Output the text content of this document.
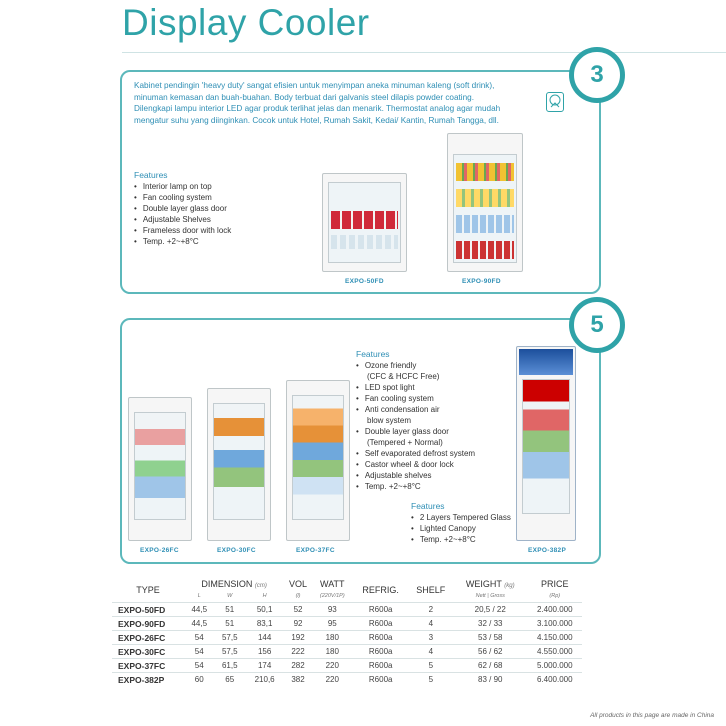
Display Cooler
3
Kabinet pendingin 'heavy duty' sangat efisien untuk menyimpan aneka minuman kaleng (soft drink), minuman kemasan dan buah-buahan. Body terbuat dari galvanis steel dilapis powder coating. Dilengkapi lampu interior LED agar produk terlihat jelas dan menarik. Thermostat analog agar mudah mengatur suhu yang diinginkan. Cocok untuk Hotel, Rumah Sakit, Kedai/ Kantin, Rumah Tangga, dll.
Features
• Interior lamp on top
• Fan cooling system
• Double layer glass door
• Adjustable Shelves
• Frameless door with lock
• Temp. +2~+8°C
EXPO-50FD	EXPO-90FD
5
EXPO-26FC	EXPO-30FC	EXPO-37FC	EXPO-382P
Features
• Ozone friendly
(CFC & HCFC Free)
• LED spot light
• Fan cooling system
• Anti condensation air
blow system
• Double layer glass door
(Tempered + Normal)
• Self evaporated defrost system
• Castor wheel & door lock
• Adjustable shelves
• Temp. +2~+8°C
Features
• 2 Layers Tempered Glass
• Lighted Canopy
• Temp. +2~+8°C
TYPE	DIMENSION (cm)			VOL	WATT	REFRIG.	SHELF	WEIGHT (kg)	PRICE
	L	W	H	(l)	(220V/1P)			Nett | Gross	(Rp)
EXPO-50FD	44,5	51	50,1	52	93	R600a	2	20,5 / 22	2.400.000
EXPO-90FD	44,5	51	83,1	92	95	R600a	4	32 / 33	3.100.000
EXPO-26FC	54	57,5	144	192	180	R600a	3	53 / 58	4.150.000
EXPO-30FC	54	57,5	156	222	180	R600a	4	56 / 62	4.550.000
EXPO-37FC	54	61,5	174	282	220	R600a	5	62 / 68	5.000.000
EXPO-382P	60	65	210,6	382	220	R600a	5	83 / 90	6.400.000
All products in this page are made in China
